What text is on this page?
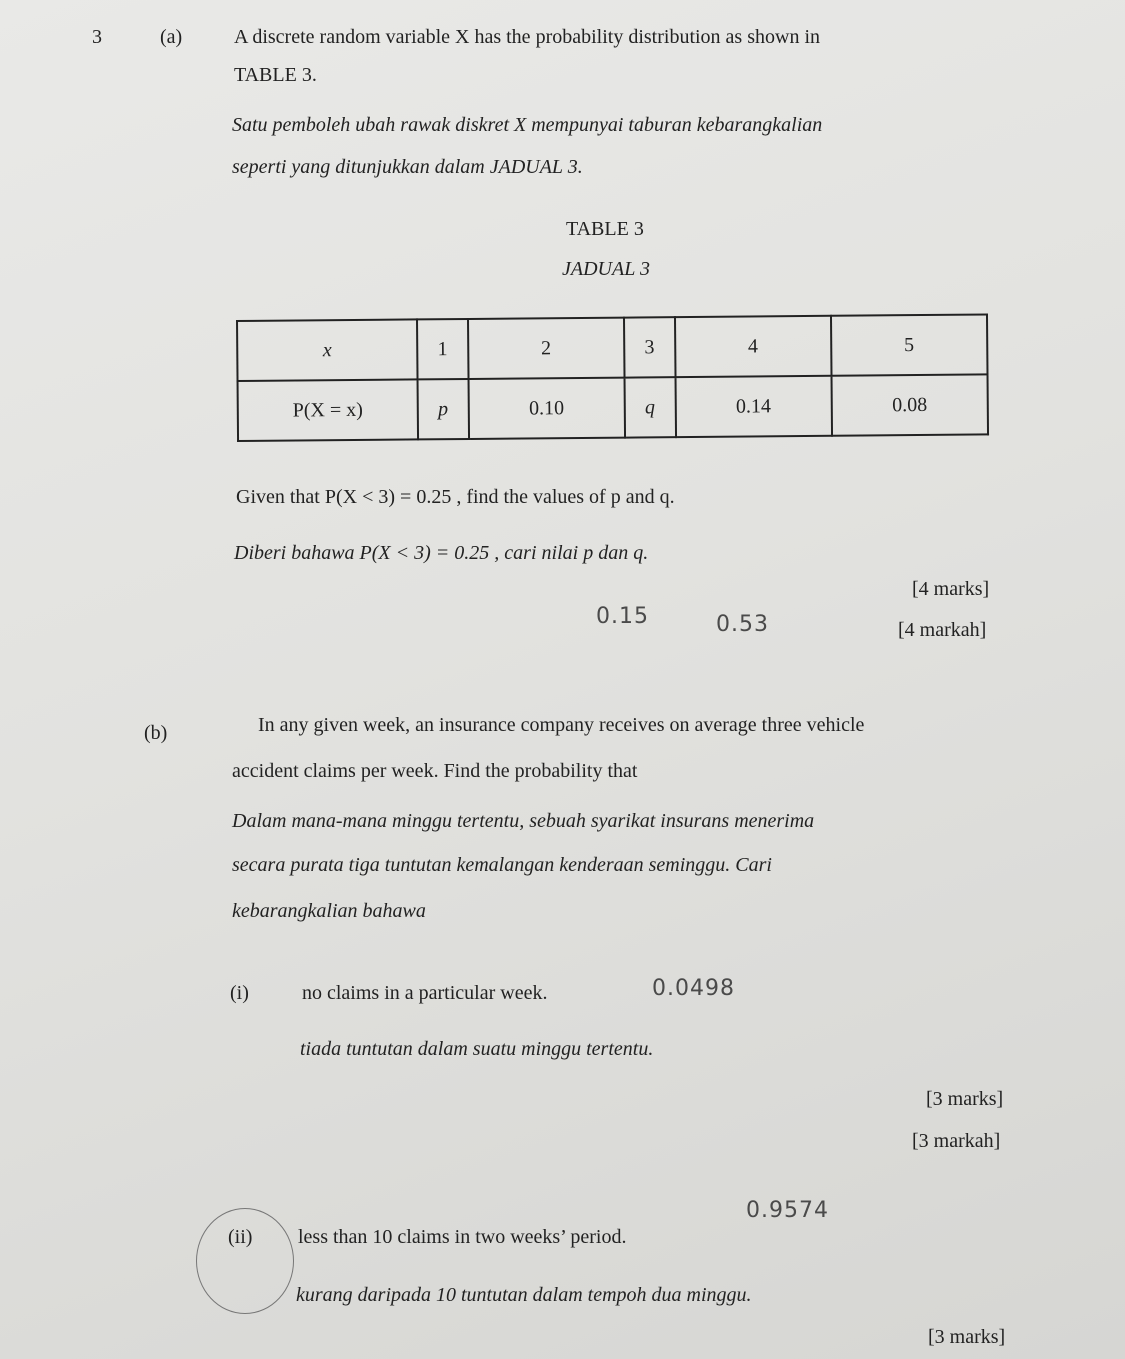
3	(a)	A discrete random variable X has the probability distribution as shown in
TABLE 3.
Satu pemboleh ubah rawak diskret X mempunyai taburan kebarangkalian
seperti yang ditunjukkan dalam JADUAL 3.
TABLE 3
JADUAL 3
x	1	2	3	4	5
P(X = x)	p	0.10	q	0.14	0.08
Given that P(X < 3) = 0.25 , find the values of p and q.
Diberi bahawa P(X < 3) = 0.25 , cari nilai p dan q.
[4 marks]
[4 markah]
0.15	0.53
(b)	In any given week, an insurance company receives on average three vehicle
accident claims per week. Find the probability that
Dalam mana-mana minggu tertentu, sebuah syarikat insurans menerima
secara purata tiga tuntutan kemalangan kenderaan seminggu. Cari
kebarangkalian bahawa
(i)	no claims in a particular week.	0.0498
tiada tuntutan dalam suatu minggu tertentu.
[3 marks]
[3 markah]
(ii) less than 10 claims in two weeks’ period.
0.9574
kurang daripada 10 tuntutan dalam tempoh dua minggu.
[3 marks]
